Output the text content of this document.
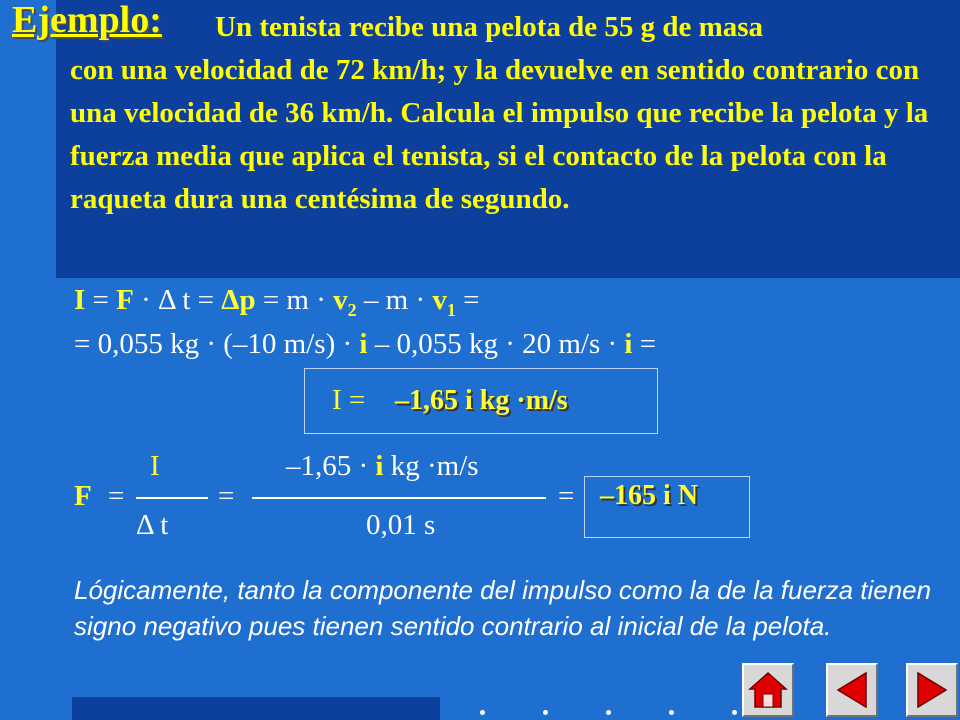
Ejemplo:	Un tenista recibe una pelota de 55 g de masa
con una velocidad de 72 km/h; y la devuelve en sentido contrario con una velocidad de 36 km/h. Calcula el impulso que recibe la pelota y la fuerza media que aplica el tenista, si el contacto de la pelota con la raqueta dura una centésima de segundo.
I = F · Δ $t = \Delta p = m \cdot v_2 - m \cdot v_1$ =
= 0,055 kg · (–10 m/s) · i – 0,055 kg · 20 m/s · i =
I = –1,65 i kg ·m/s
I
Δ t
F =	=
–1,65 · i kg ·m/s
0,01 s
= –165 i N
Lógicamente, tanto la componente del impulso como la de la fuerza tienen signo negativo pues tienen sentido contrario al inicial de la pelota.
